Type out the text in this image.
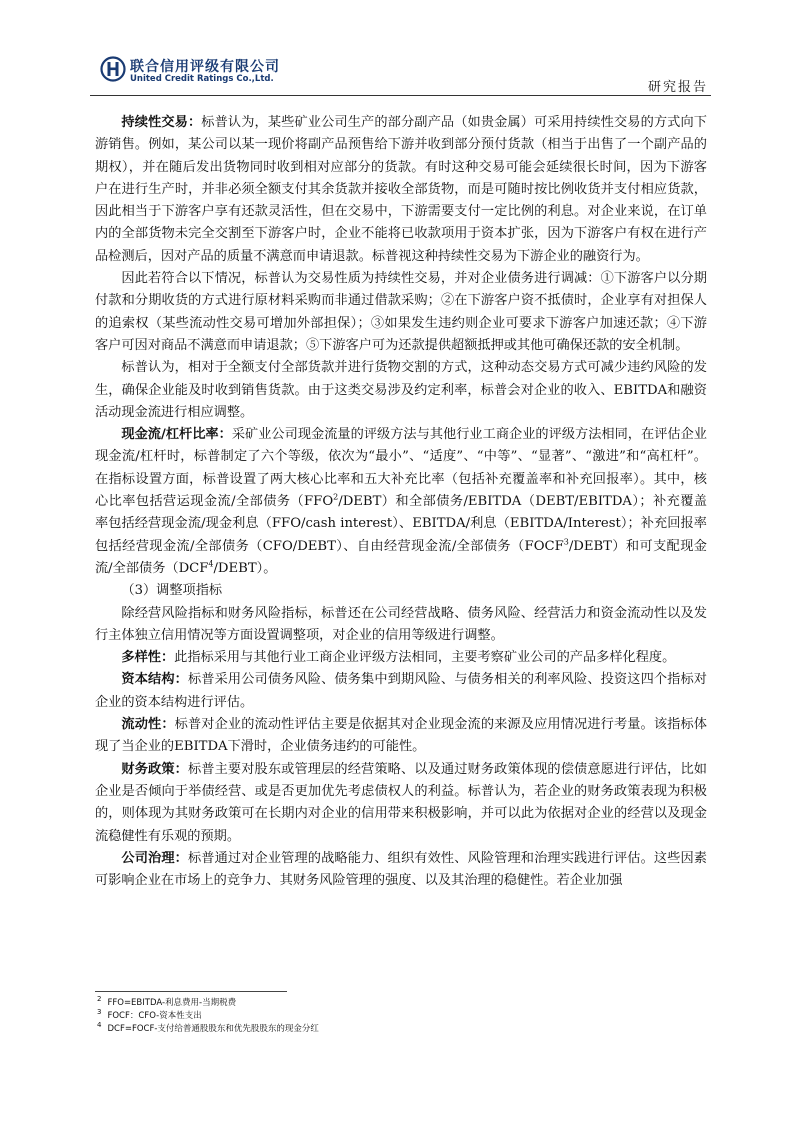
联合信用评级有限公司
United Credit Ratings Co.,Ltd.
研究报告

持续性交易：标普认为，某些矿业公司生产的部分副产品（如贵金属）可采用持续性交易的方式向下游销售。例如，某公司以某一现价将副产品预售给下游并收到部分预付货款（相当于出售了一个副产品的期权），并在随后发出货物同时收到相对应部分的货款。有时这种交易可能会延续很长时间，因为下游客户在进行生产时，并非必须全额支付其余货款并接收全部货物，而是可随时按比例收货并支付相应货款，因此相当于下游客户享有还款灵活性，但在交易中，下游需要支付一定比例的利息。对企业来说，在订单内的全部货物未完全交割至下游客户时，企业不能将已收款项用于资本扩张，因为下游客户有权在进行产品检测后，因对产品的质量不满意而申请退款。标普视这种持续性交易为下游企业的融资行为。

因此若符合以下情况，标普认为交易性质为持续性交易，并对企业债务进行调减：①下游客户以分期付款和分期收货的方式进行原材料采购而非通过借款采购；②在下游客户资不抵债时，企业享有对担保人的追索权（某些流动性交易可增加外部担保）；③如果发生违约则企业可要求下游客户加速还款；④下游客户可因对商品不满意而申请退款；⑤下游客户可为还款提供超额抵押或其他可确保还款的安全机制。

标普认为，相对于全额支付全部货款并进行货物交割的方式，这种动态交易方式可减少违约风险的发生，确保企业能及时收到销售货款。由于这类交易涉及约定利率，标普会对企业的收入、EBITDA和融资活动现金流进行相应调整。

现金流/杠杆比率：采矿业公司现金流量的评级方法与其他行业工商企业的评级方法相同，在评估企业现金流/杠杆时，标普制定了六个等级，依次为“最小”、“适度”、“中等”、“显著”、“激进”和“高杠杆”。在指标设置方面，标普设置了两大核心比率和五大补充比率（包括补充覆盖率和补充回报率）。其中，核心比率包括营运现金流/全部债务（FFO$^2$/DEBT）和全部债务/EBITDA（DEBT/EBITDA）；补充覆盖率包括经营现金流/现金利息（FFO/cash interest）、EBITDA/利息（EBITDA/Interest）；补充回报率包括经营现金流/全部债务（CFO/DEBT）、自由经营现金流/全部债务（FOCF$^3$/DEBT）和可支配现金流/全部债务（DCF$^4$/DEBT）。

（3）调整项指标

除经营风险指标和财务风险指标，标普还在公司经营战略、债务风险、经营活力和资金流动性以及发行主体独立信用情况等方面设置调整项，对企业的信用等级进行调整。

多样性：此指标采用与其他行业工商企业评级方法相同，主要考察矿业公司的产品多样化程度。

资本结构：标普采用公司债务风险、债务集中到期风险、与债务相关的利率风险、投资这四个指标对企业的资本结构进行评估。

流动性：标普对企业的流动性评估主要是依据其对企业现金流的来源及应用情况进行考量。该指标体现了当企业的EBITDA下滑时，企业债务违约的可能性。

财务政策：标普主要对股东或管理层的经营策略、以及通过财务政策体现的偿债意愿进行评估，比如企业是否倾向于举债经营、或是否更加优先考虑债权人的利益。标普认为，若企业的财务政策表现为积极的，则体现为其财务政策可在长期内对企业的信用带来积极影响，并可以此为依据对企业的经营以及现金流稳健性有乐观的预期。

公司治理：标普通过对企业管理的战略能力、组织有效性、风险管理和治理实践进行评估。这些因素可影响企业在市场上的竞争力、其财务风险管理的强度、以及其治理的稳健性。若企业加强

$^2$ FFO=EBITDA-利息费用-当期税费
$^3$ FOCF：CFO-资本性支出
$^4$ DCF=FOCF-支付给普通股股东和优先股股东的现金分红
